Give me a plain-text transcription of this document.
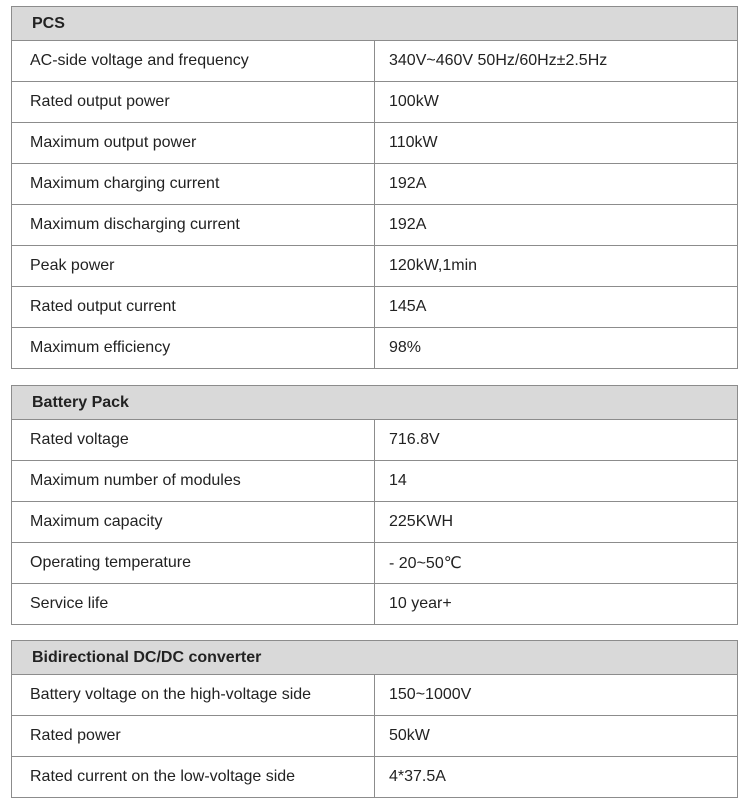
PCS	
AC-side voltage and frequency	340V~460V 50Hz/60Hz±2.5Hz
Rated output power	100kW
Maximum output power	110kW
Maximum charging current	192A
Maximum discharging current	192A
Peak power	120kW,1min
Rated output current	145A
Maximum efficiency	98%
Battery Pack	
Rated voltage	716.8V
Maximum number of modules	14
Maximum capacity	225KWH
Operating temperature	- 20~50℃
Service life	10 year+
Bidirectional DC/DC converter	
Battery voltage on the high-voltage side	150~1000V
Rated power	50kW
Rated current on the low-voltage side	4*37.5A
